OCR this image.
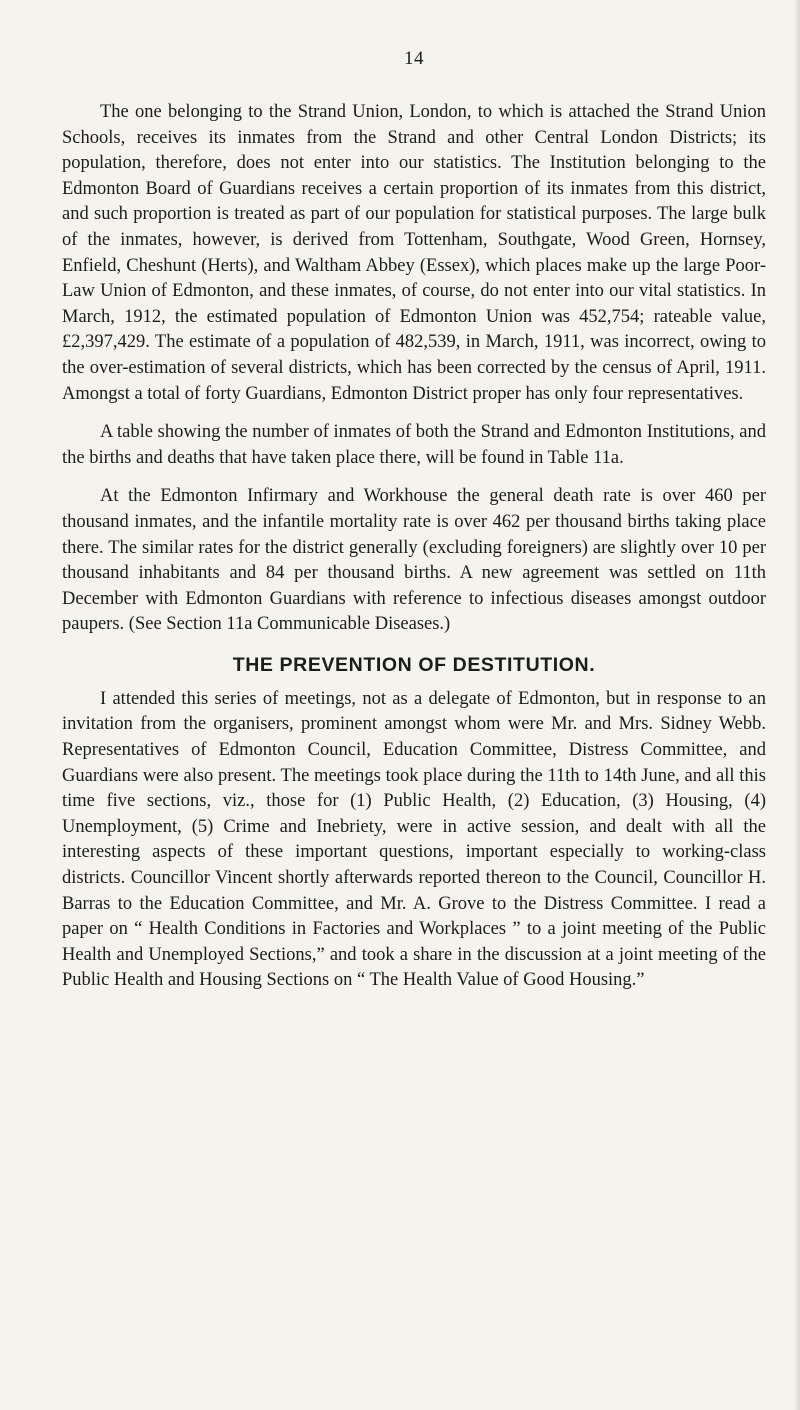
14

The one belonging to the Strand Union, London, to which is attached the Strand Union Schools, receives its inmates from the Strand and other Central London Districts; its population, therefore, does not enter into our statistics. The Institution belonging to the Edmonton Board of Guardians receives a certain proportion of its inmates from this district, and such proportion is treated as part of our population for statistical purposes. The large bulk of the inmates, however, is derived from Tottenham, Southgate, Wood Green, Hornsey, Enfield, Cheshunt (Herts), and Waltham Abbey (Essex), which places make up the large Poor-Law Union of Edmonton, and these inmates, of course, do not enter into our vital statistics. In March, 1912, the estimated population of Edmonton Union was 452,754; rateable value, £2,397,429. The estimate of a population of 482,539, in March, 1911, was incorrect, owing to the over-estimation of several districts, which has been corrected by the census of April, 1911. Amongst a total of forty Guardians, Edmonton District proper has only four representatives.

A table showing the number of inmates of both the Strand and Edmonton Institutions, and the births and deaths that have taken place there, will be found in Table 11a.

At the Edmonton Infirmary and Workhouse the general death rate is over 460 per thousand inmates, and the infantile mortality rate is over 462 per thousand births taking place there. The similar rates for the district generally (excluding foreigners) are slightly over 10 per thousand inhabitants and 84 per thousand births. A new agreement was settled on 11th December with Edmonton Guardians with reference to infectious diseases amongst outdoor paupers. (See Section 11a Communicable Diseases.)

THE PREVENTION OF DESTITUTION.

I attended this series of meetings, not as a delegate of Edmonton, but in response to an invitation from the organisers, prominent amongst whom were Mr. and Mrs. Sidney Webb. Representatives of Edmonton Council, Education Committee, Distress Committee, and Guardians were also present. The meetings took place during the 11th to 14th June, and all this time five sections, viz., those for (1) Public Health, (2) Education, (3) Housing, (4) Unemployment, (5) Crime and Inebriety, were in active session, and dealt with all the interesting aspects of these important questions, important especially to working-class districts. Councillor Vincent shortly afterwards reported thereon to the Council, Councillor H. Barras to the Education Committee, and Mr. A. Grove to the Distress Committee. I read a paper on “ Health Conditions in Factories and Workplaces ” to a joint meeting of the Public Health and Unemployed Sections,” and took a share in the discussion at a joint meeting of the Public Health and Housing Sections on “ The Health Value of Good Housing.”
